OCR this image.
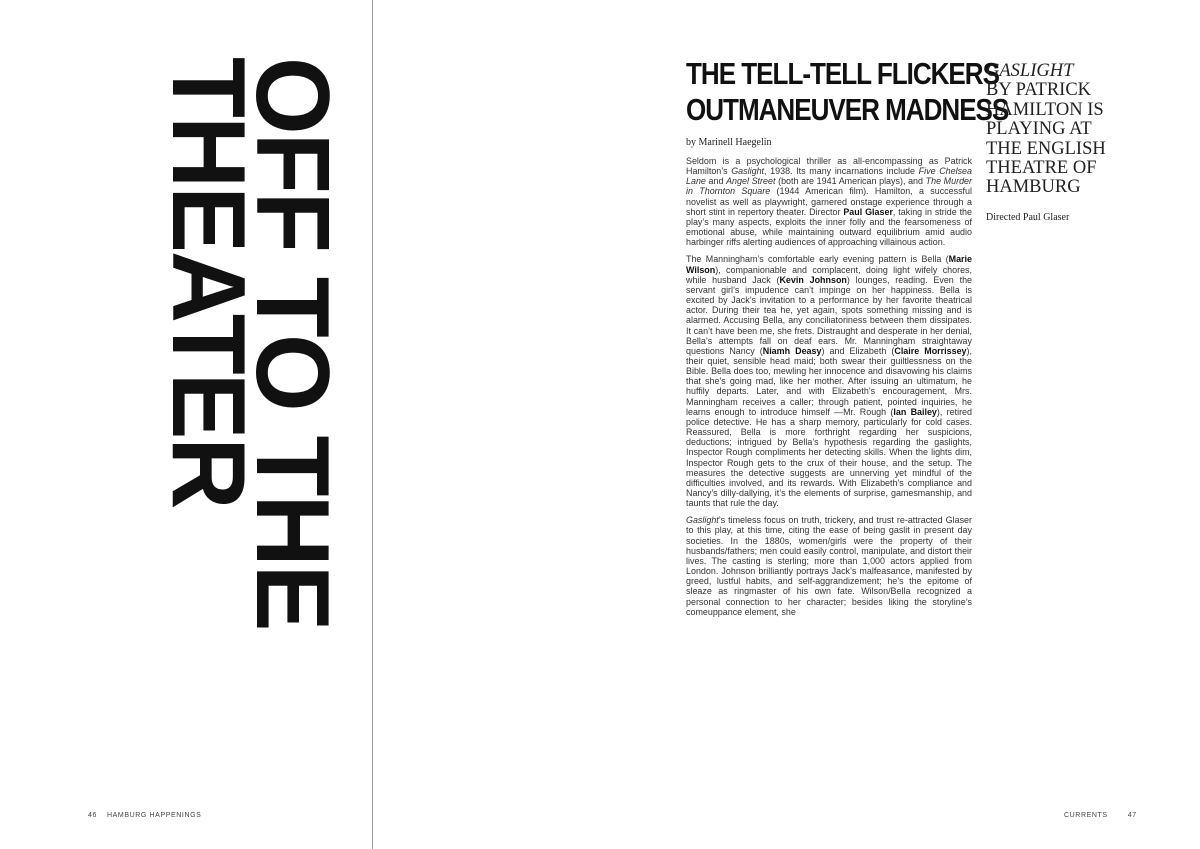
OFF TO THE
THEATER
46 HAMBURG HAPPENINGS
THE TELL-TELL FLICKERS
OUTMANEUVER MADNESS
by Marinell Haegelin

Seldom is a psychological thriller as all-encompassing as Patrick Hamilton’s Gaslight, 1938. Its many incarnations include Five Chelsea Lane and Angel Street (both are 1941 American plays), and The Murder in Thornton Square (1944 American film). Hamilton, a successful novelist as well as playwright, garnered onstage experience through a short stint in repertory theater. Director Paul Glaser, taking in stride the play’s many aspects, exploits the inner folly and the fearsomeness of emotional abuse, while maintaining outward equilibrium amid audio harbinger riffs alerting audiences of approaching villainous action.

The Manningham’s comfortable early evening pattern is Bella (Marie Wilson), companionable and complacent, doing light wifely chores, while husband Jack (Kevin Johnson) lounges, reading. Even the servant girl’s impudence can’t impinge on her happiness. Bella is excited by Jack’s invitation to a performance by her favorite theatrical actor. During their tea he, yet again, spots something missing and is alarmed. Accusing Bella, any conciliatoriness between them dissipates. It can’t have been me, she frets. Distraught and desperate in her denial, Bella’s attempts fall on deaf ears. Mr. Manningham straightaway questions Nancy (Niamh Deasy) and Elizabeth (Claire Morrissey), their quiet, sensible head maid; both swear their guiltlessness on the Bible. Bella does too, mewling her innocence and disavowing his claims that she’s going mad, like her mother. After issuing an ultimatum, he huffily departs. Later, and with Elizabeth’s encouragement, Mrs. Manningham receives a caller; through patient, pointed inquiries, he learns enough to introduce himself —Mr. Rough (Ian Bailey), retired police detective. He has a sharp memory, particularly for cold cases. Reassured, Bella is more forthright regarding her suspicions, deductions; intrigued by Bella’s hypothesis regarding the gaslights, Inspector Rough compliments her detecting skills. When the lights dim, Inspector Rough gets to the crux of their house, and the setup. The measures the detective suggests are unnerving yet mindful of the difficulties involved, and its rewards. With Elizabeth’s compliance and Nancy’s dilly-dallying, it’s the elements of surprise, gamesmanship, and taunts that rule the day.

Gaslight’s timeless focus on truth, trickery, and trust re-attracted Glaser to this play, at this time, citing the ease of being gaslit in present day societies. In the 1880s, women/girls were the property of their husbands/fathers; men could easily control, manipulate, and distort their lives. The casting is sterling; more than 1,000 actors applied from London. Johnson brilliantly portrays Jack’s malfeasance, manifested by greed, lustful habits, and self-aggrandizement; he’s the epitome of sleaze as ringmaster of his own fate. Wilson/Bella recognized a personal connection to her character; besides liking the storyline’s comeuppance element, she

GASLIGHT
BY PATRICK HAMILTON IS PLAYING AT THE ENGLISH THEATRE OF HAMBURG
Directed Paul Glaser
CURRENTS	47
